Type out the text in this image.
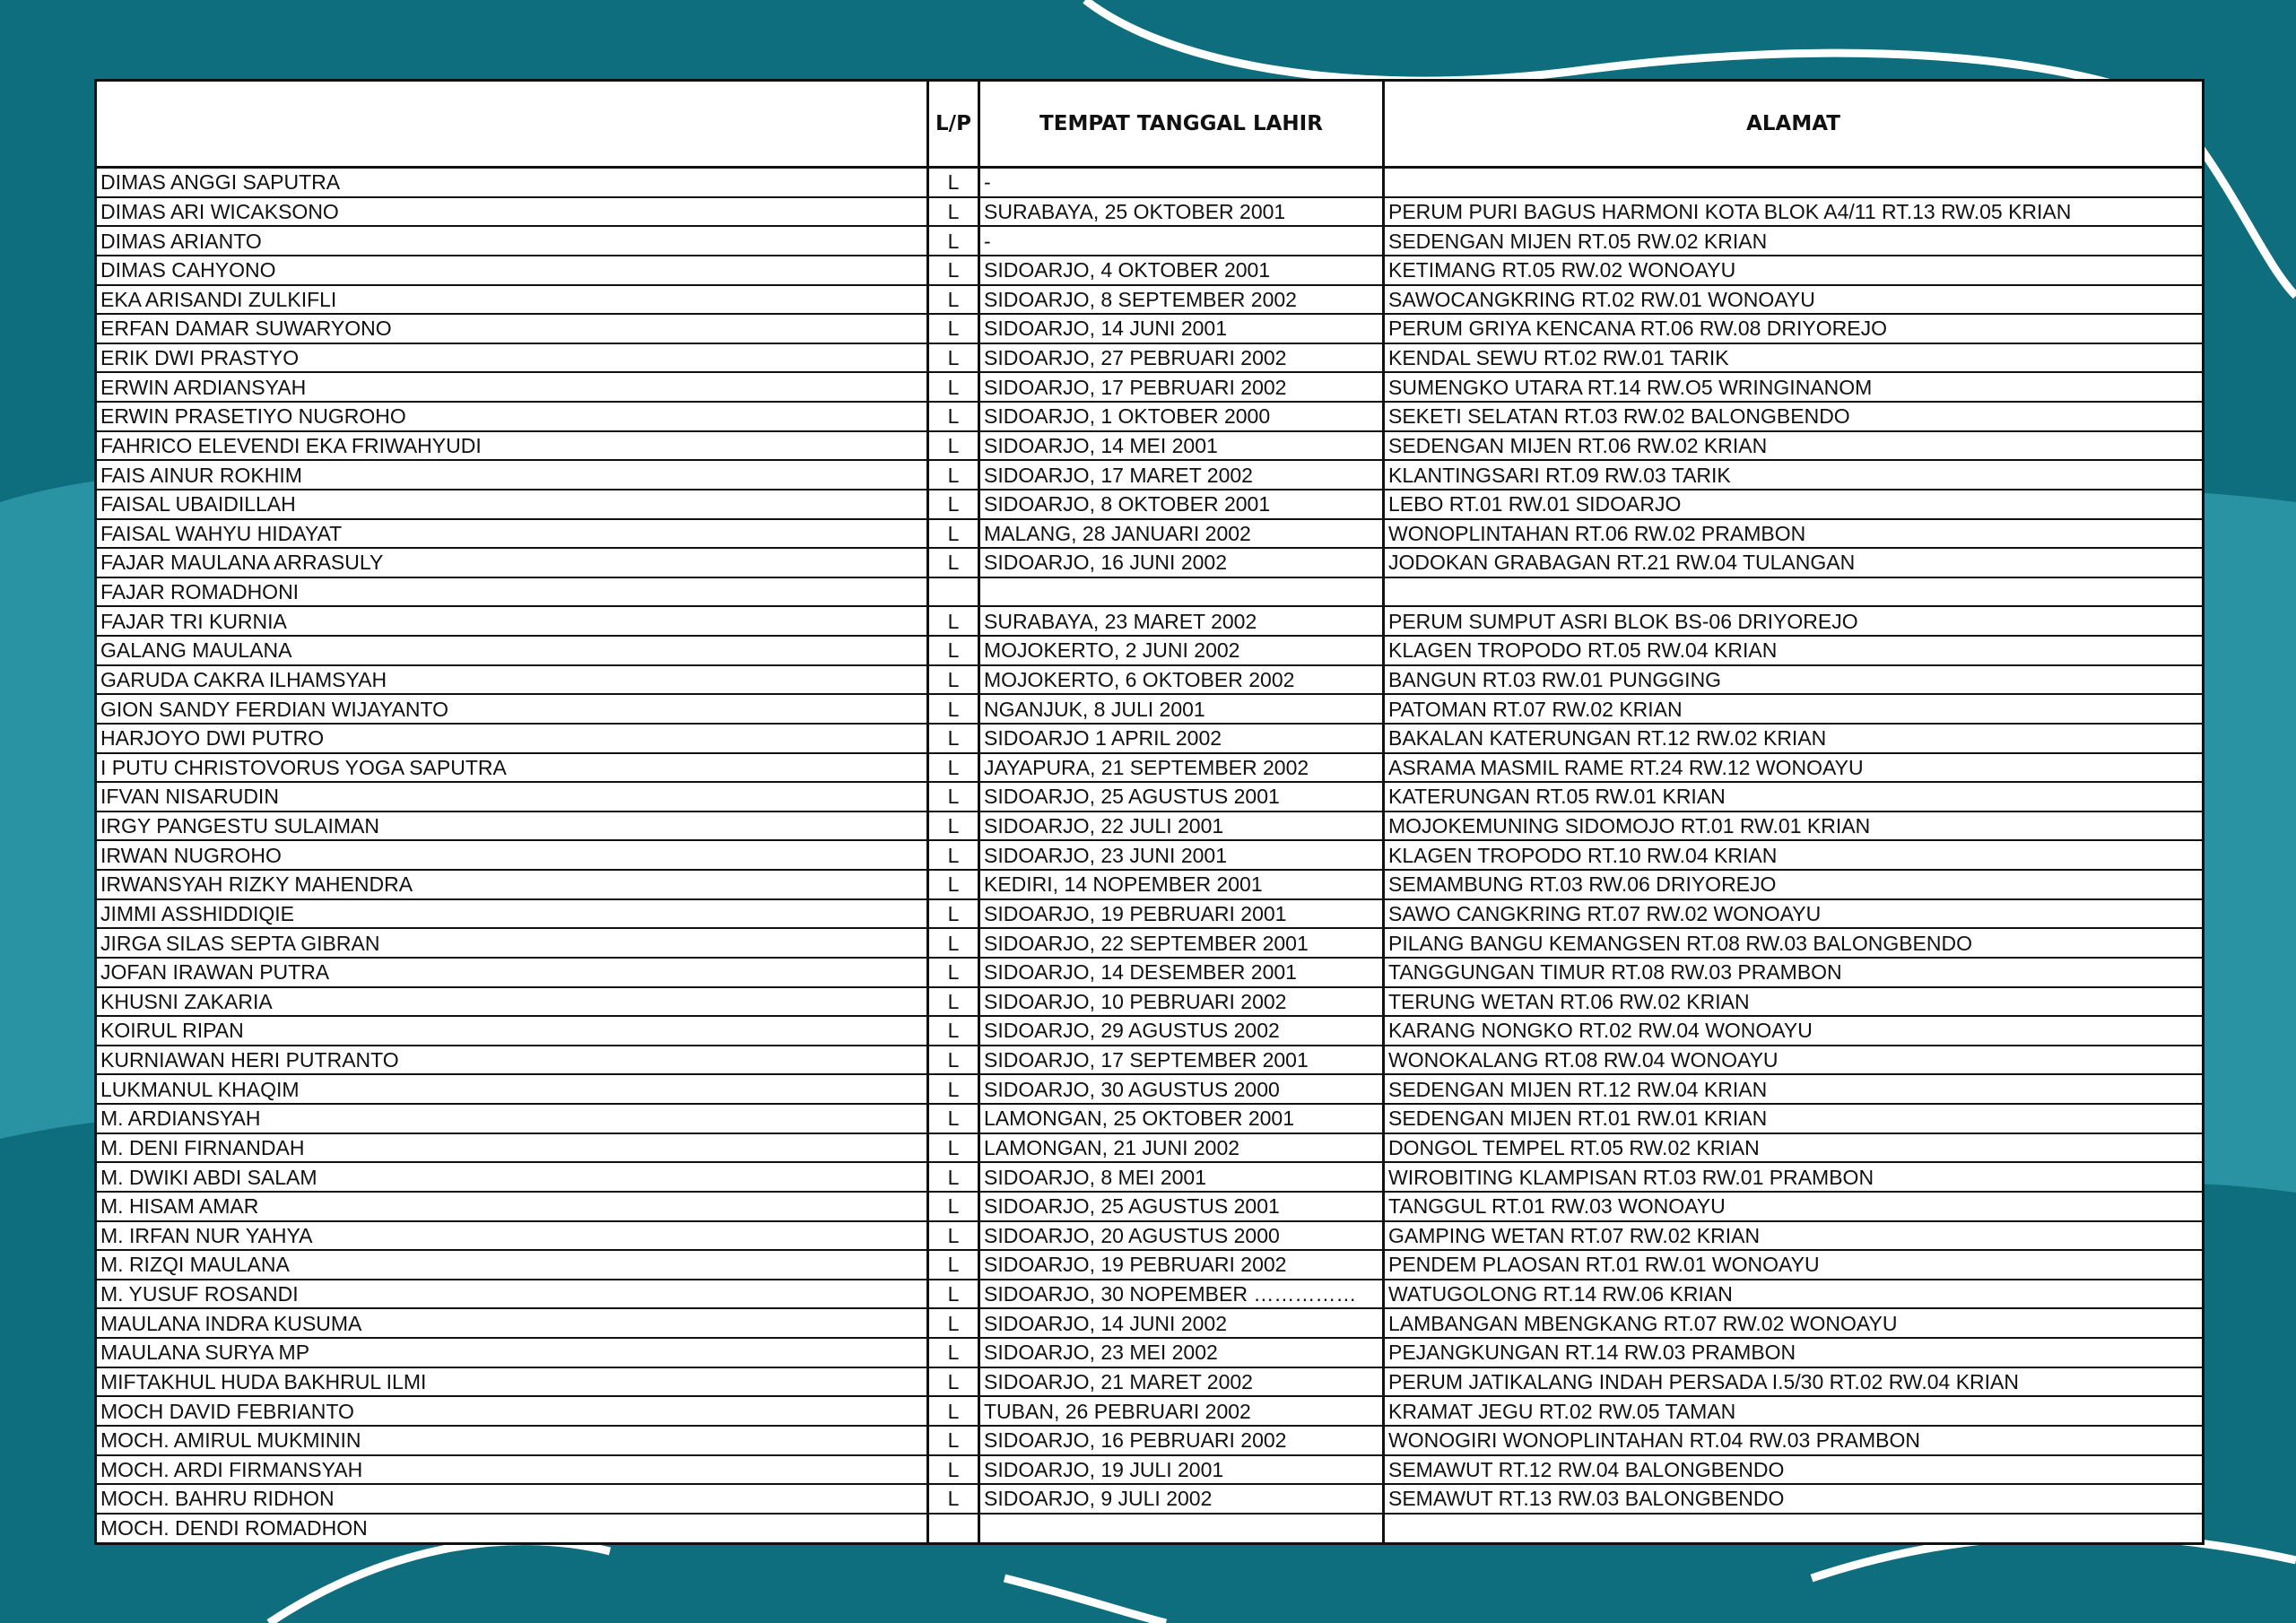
	L/P	TEMPAT TANGGAL LAHIR	ALAMAT
DIMAS ANGGI SAPUTRA	L	-	
DIMAS ARI WICAKSONO	L	SURABAYA, 25 OKTOBER 2001	PERUM PURI BAGUS HARMONI KOTA BLOK A4/11 RT.13 RW.05 KRIAN
DIMAS ARIANTO	L	-	SEDENGAN MIJEN RT.05 RW.02 KRIAN
DIMAS CAHYONO	L	SIDOARJO, 4 OKTOBER 2001	KETIMANG RT.05 RW.02 WONOAYU
EKA ARISANDI ZULKIFLI	L	SIDOARJO, 8 SEPTEMBER 2002	SAWOCANGKRING RT.02 RW.01 WONOAYU
ERFAN DAMAR SUWARYONO	L	SIDOARJO, 14 JUNI 2001	PERUM GRIYA KENCANA RT.06 RW.08 DRIYOREJO
ERIK DWI PRASTYO	L	SIDOARJO, 27 PEBRUARI 2002	KENDAL SEWU RT.02 RW.01 TARIK
ERWIN ARDIANSYAH	L	SIDOARJO, 17 PEBRUARI 2002	SUMENGKO UTARA RT.14 RW.O5 WRINGINANOM
ERWIN PRASETIYO NUGROHO	L	SIDOARJO, 1 OKTOBER 2000	SEKETI SELATAN RT.03 RW.02 BALONGBENDO
FAHRICO ELEVENDI EKA FRIWAHYUDI	L	SIDOARJO, 14 MEI 2001	SEDENGAN MIJEN RT.06 RW.02 KRIAN
FAIS AINUR ROKHIM	L	SIDOARJO, 17 MARET 2002	KLANTINGSARI RT.09 RW.03 TARIK
FAISAL UBAIDILLAH	L	SIDOARJO, 8 OKTOBER 2001	LEBO RT.01 RW.01 SIDOARJO
FAISAL WAHYU HIDAYAT	L	MALANG, 28 JANUARI 2002	WONOPLINTAHAN RT.06 RW.02 PRAMBON
FAJAR MAULANA ARRASULY	L	SIDOARJO, 16 JUNI 2002	JODOKAN GRABAGAN RT.21 RW.04 TULANGAN
FAJAR ROMADHONI			
FAJAR TRI KURNIA	L	SURABAYA, 23 MARET 2002	PERUM SUMPUT ASRI BLOK BS-06 DRIYOREJO
GALANG MAULANA	L	MOJOKERTO, 2 JUNI 2002	KLAGEN TROPODO RT.05 RW.04 KRIAN
GARUDA CAKRA ILHAMSYAH	L	MOJOKERTO, 6 OKTOBER 2002	BANGUN RT.03 RW.01 PUNGGING
GION SANDY FERDIAN WIJAYANTO	L	NGANJUK, 8 JULI 2001	PATOMAN RT.07 RW.02 KRIAN
HARJOYO DWI PUTRO	L	SIDOARJO 1 APRIL 2002	BAKALAN KATERUNGAN RT.12 RW.02 KRIAN
I PUTU CHRISTOVORUS YOGA SAPUTRA	L	JAYAPURA, 21 SEPTEMBER 2002	ASRAMA MASMIL RAME RT.24 RW.12 WONOAYU
IFVAN NISARUDIN	L	SIDOARJO, 25 AGUSTUS 2001	KATERUNGAN RT.05 RW.01 KRIAN
IRGY PANGESTU SULAIMAN	L	SIDOARJO, 22 JULI 2001	MOJOKEMUNING SIDOMOJO RT.01 RW.01 KRIAN
IRWAN NUGROHO	L	SIDOARJO, 23 JUNI 2001	KLAGEN TROPODO RT.10 RW.04 KRIAN
IRWANSYAH RIZKY MAHENDRA	L	KEDIRI, 14 NOPEMBER 2001	SEMAMBUNG RT.03 RW.06 DRIYOREJO
JIMMI ASSHIDDIQIE	L	SIDOARJO, 19 PEBRUARI 2001	SAWO CANGKRING RT.07 RW.02 WONOAYU
JIRGA SILAS SEPTA GIBRAN	L	SIDOARJO, 22 SEPTEMBER 2001	PILANG BANGU KEMANGSEN RT.08 RW.03 BALONGBENDO
JOFAN IRAWAN PUTRA	L	SIDOARJO, 14 DESEMBER 2001	TANGGUNGAN TIMUR RT.08 RW.03 PRAMBON
KHUSNI ZAKARIA	L	SIDOARJO, 10 PEBRUARI 2002	TERUNG WETAN RT.06 RW.02 KRIAN
KOIRUL RIPAN	L	SIDOARJO, 29 AGUSTUS 2002	KARANG NONGKO RT.02 RW.04 WONOAYU
KURNIAWAN HERI PUTRANTO	L	SIDOARJO, 17 SEPTEMBER 2001	WONOKALANG RT.08 RW.04 WONOAYU
LUKMANUL KHAQIM	L	SIDOARJO, 30 AGUSTUS 2000	SEDENGAN MIJEN RT.12 RW.04 KRIAN
M. ARDIANSYAH	L	LAMONGAN, 25 OKTOBER 2001	SEDENGAN MIJEN RT.01 RW.01 KRIAN
M. DENI FIRNANDAH	L	LAMONGAN, 21 JUNI 2002	DONGOL TEMPEL RT.05 RW.02 KRIAN
M. DWIKI ABDI SALAM	L	SIDOARJO, 8 MEI 2001	WIROBITING KLAMPISAN RT.03 RW.01 PRAMBON
M. HISAM AMAR	L	SIDOARJO, 25 AGUSTUS 2001	TANGGUL RT.01 RW.03 WONOAYU
M. IRFAN NUR YAHYA	L	SIDOARJO, 20 AGUSTUS 2000	GAMPING WETAN RT.07 RW.02 KRIAN
M. RIZQI MAULANA	L	SIDOARJO, 19 PEBRUARI 2002	PENDEM PLAOSAN RT.01 RW.01 WONOAYU
M. YUSUF ROSANDI	L	SIDOARJO, 30 NOPEMBER ……………	WATUGOLONG RT.14 RW.06 KRIAN
MAULANA INDRA KUSUMA	L	SIDOARJO, 14 JUNI 2002	LAMBANGAN MBENGKANG RT.07 RW.02 WONOAYU
MAULANA SURYA MP	L	SIDOARJO, 23 MEI 2002	PEJANGKUNGAN RT.14 RW.03 PRAMBON
MIFTAKHUL HUDA BAKHRUL ILMI	L	SIDOARJO, 21 MARET 2002	PERUM JATIKALANG INDAH PERSADA I.5/30 RT.02 RW.04 KRIAN
MOCH DAVID FEBRIANTO	L	TUBAN, 26 PEBRUARI 2002	KRAMAT JEGU RT.02 RW.05 TAMAN
MOCH. AMIRUL MUKMININ	L	SIDOARJO, 16 PEBRUARI 2002	WONOGIRI WONOPLINTAHAN RT.04 RW.03 PRAMBON
MOCH. ARDI FIRMANSYAH	L	SIDOARJO, 19 JULI 2001	SEMAWUT RT.12 RW.04 BALONGBENDO
MOCH. BAHRU RIDHON	L	SIDOARJO, 9 JULI 2002	SEMAWUT RT.13 RW.03 BALONGBENDO
MOCH. DENDI ROMADHON			
